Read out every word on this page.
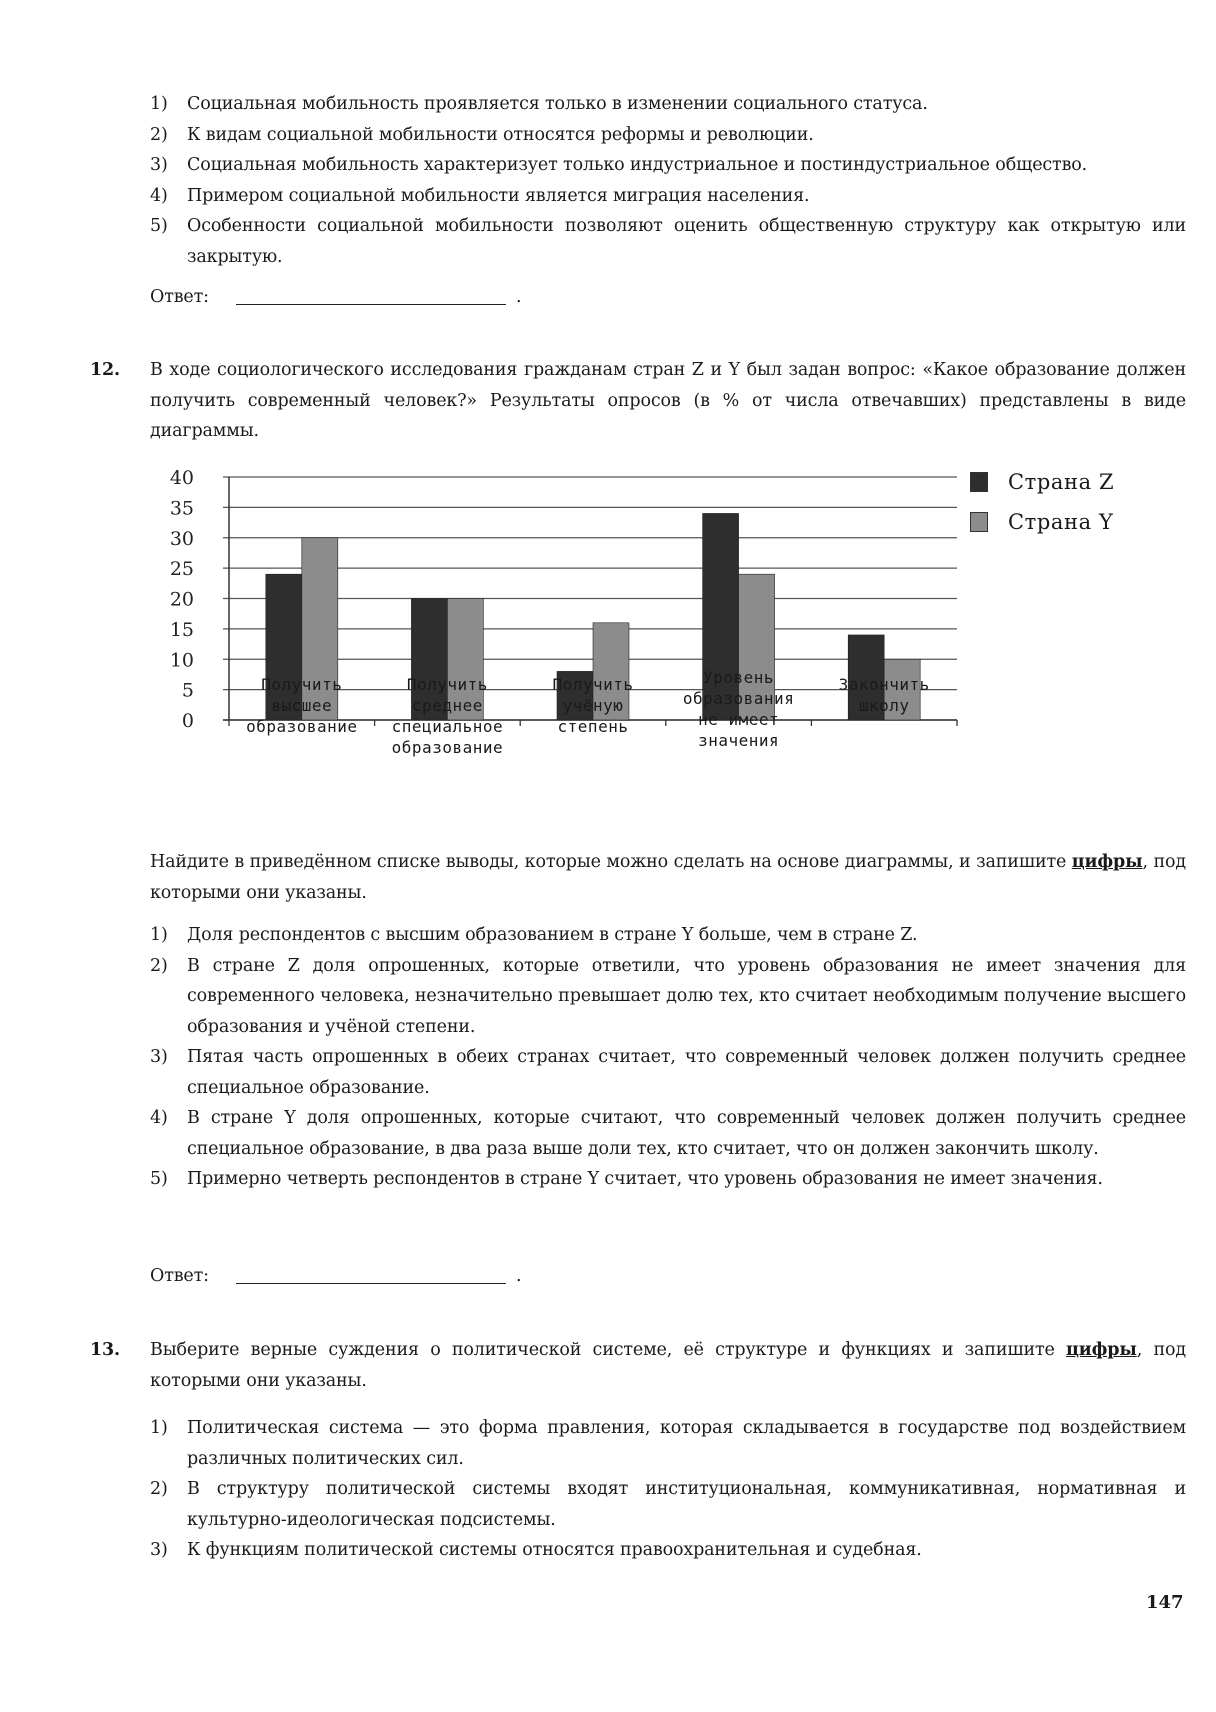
1)	Социальная мобильность проявляется только в изменении социального статуса.
2)	К видам социальной мобильности относятся реформы и революции.
3)	Социальная мобильность характеризует только индустриальное и постиндустриальное общество.
4)	Примером социальной мобильности является миграция населения.
5)	Особенности социальной мобильности позволяют оценить общественную структуру как открытую или закрытую.
Ответ:	.
12. В ходе социологического исследования гражданам стран Z и Y был задан вопрос: «Какое образование должен получить современный человек?» Результаты опросов (в % от числа отвечавших) представлены в виде диаграммы.
0
5
10
15
20
25
30
35
40
Получить
высшее
образование
Получить
среднее
специальное
образование
Получить
учёную
степень
Уровень
образования
не имеет
значения
Закончить
школу
Страна Z
Страна Y
Найдите в приведённом списке выводы, которые можно сделать на основе диаграммы, и запишите цифры, под которыми они указаны.
1)	Доля респондентов с высшим образованием в стране Y больше, чем в стране Z.
2)	В стране Z доля опрошенных, которые ответили, что уровень образования не имеет значения для современного человека, незначительно превышает долю тех, кто считает необходимым получение высшего образования и учёной степени.
3)	Пятая часть опрошенных в обеих странах считает, что современный человек должен получить среднее специальное образование.
4)	В стране Y доля опрошенных, которые считают, что современный человек должен получить среднее специальное образование, в два раза выше доли тех, кто считает, что он должен закончить школу.
5)	Примерно четверть респондентов в стране Y считает, что уровень образования не имеет значения.
Ответ:	.
13. Выберите верные суждения о политической системе, её структуре и функциях и запишите цифры, под которыми они указаны.
1)	Политическая система — это форма правления, которая складывается в государстве под воздействием различных политических сил.
2)	В структуру политической системы входят институциональная, коммуникативная, нормативная и культурно-идеологическая подсистемы.
3)	К функциям политической системы относятся правоохранительная и судебная.
147
